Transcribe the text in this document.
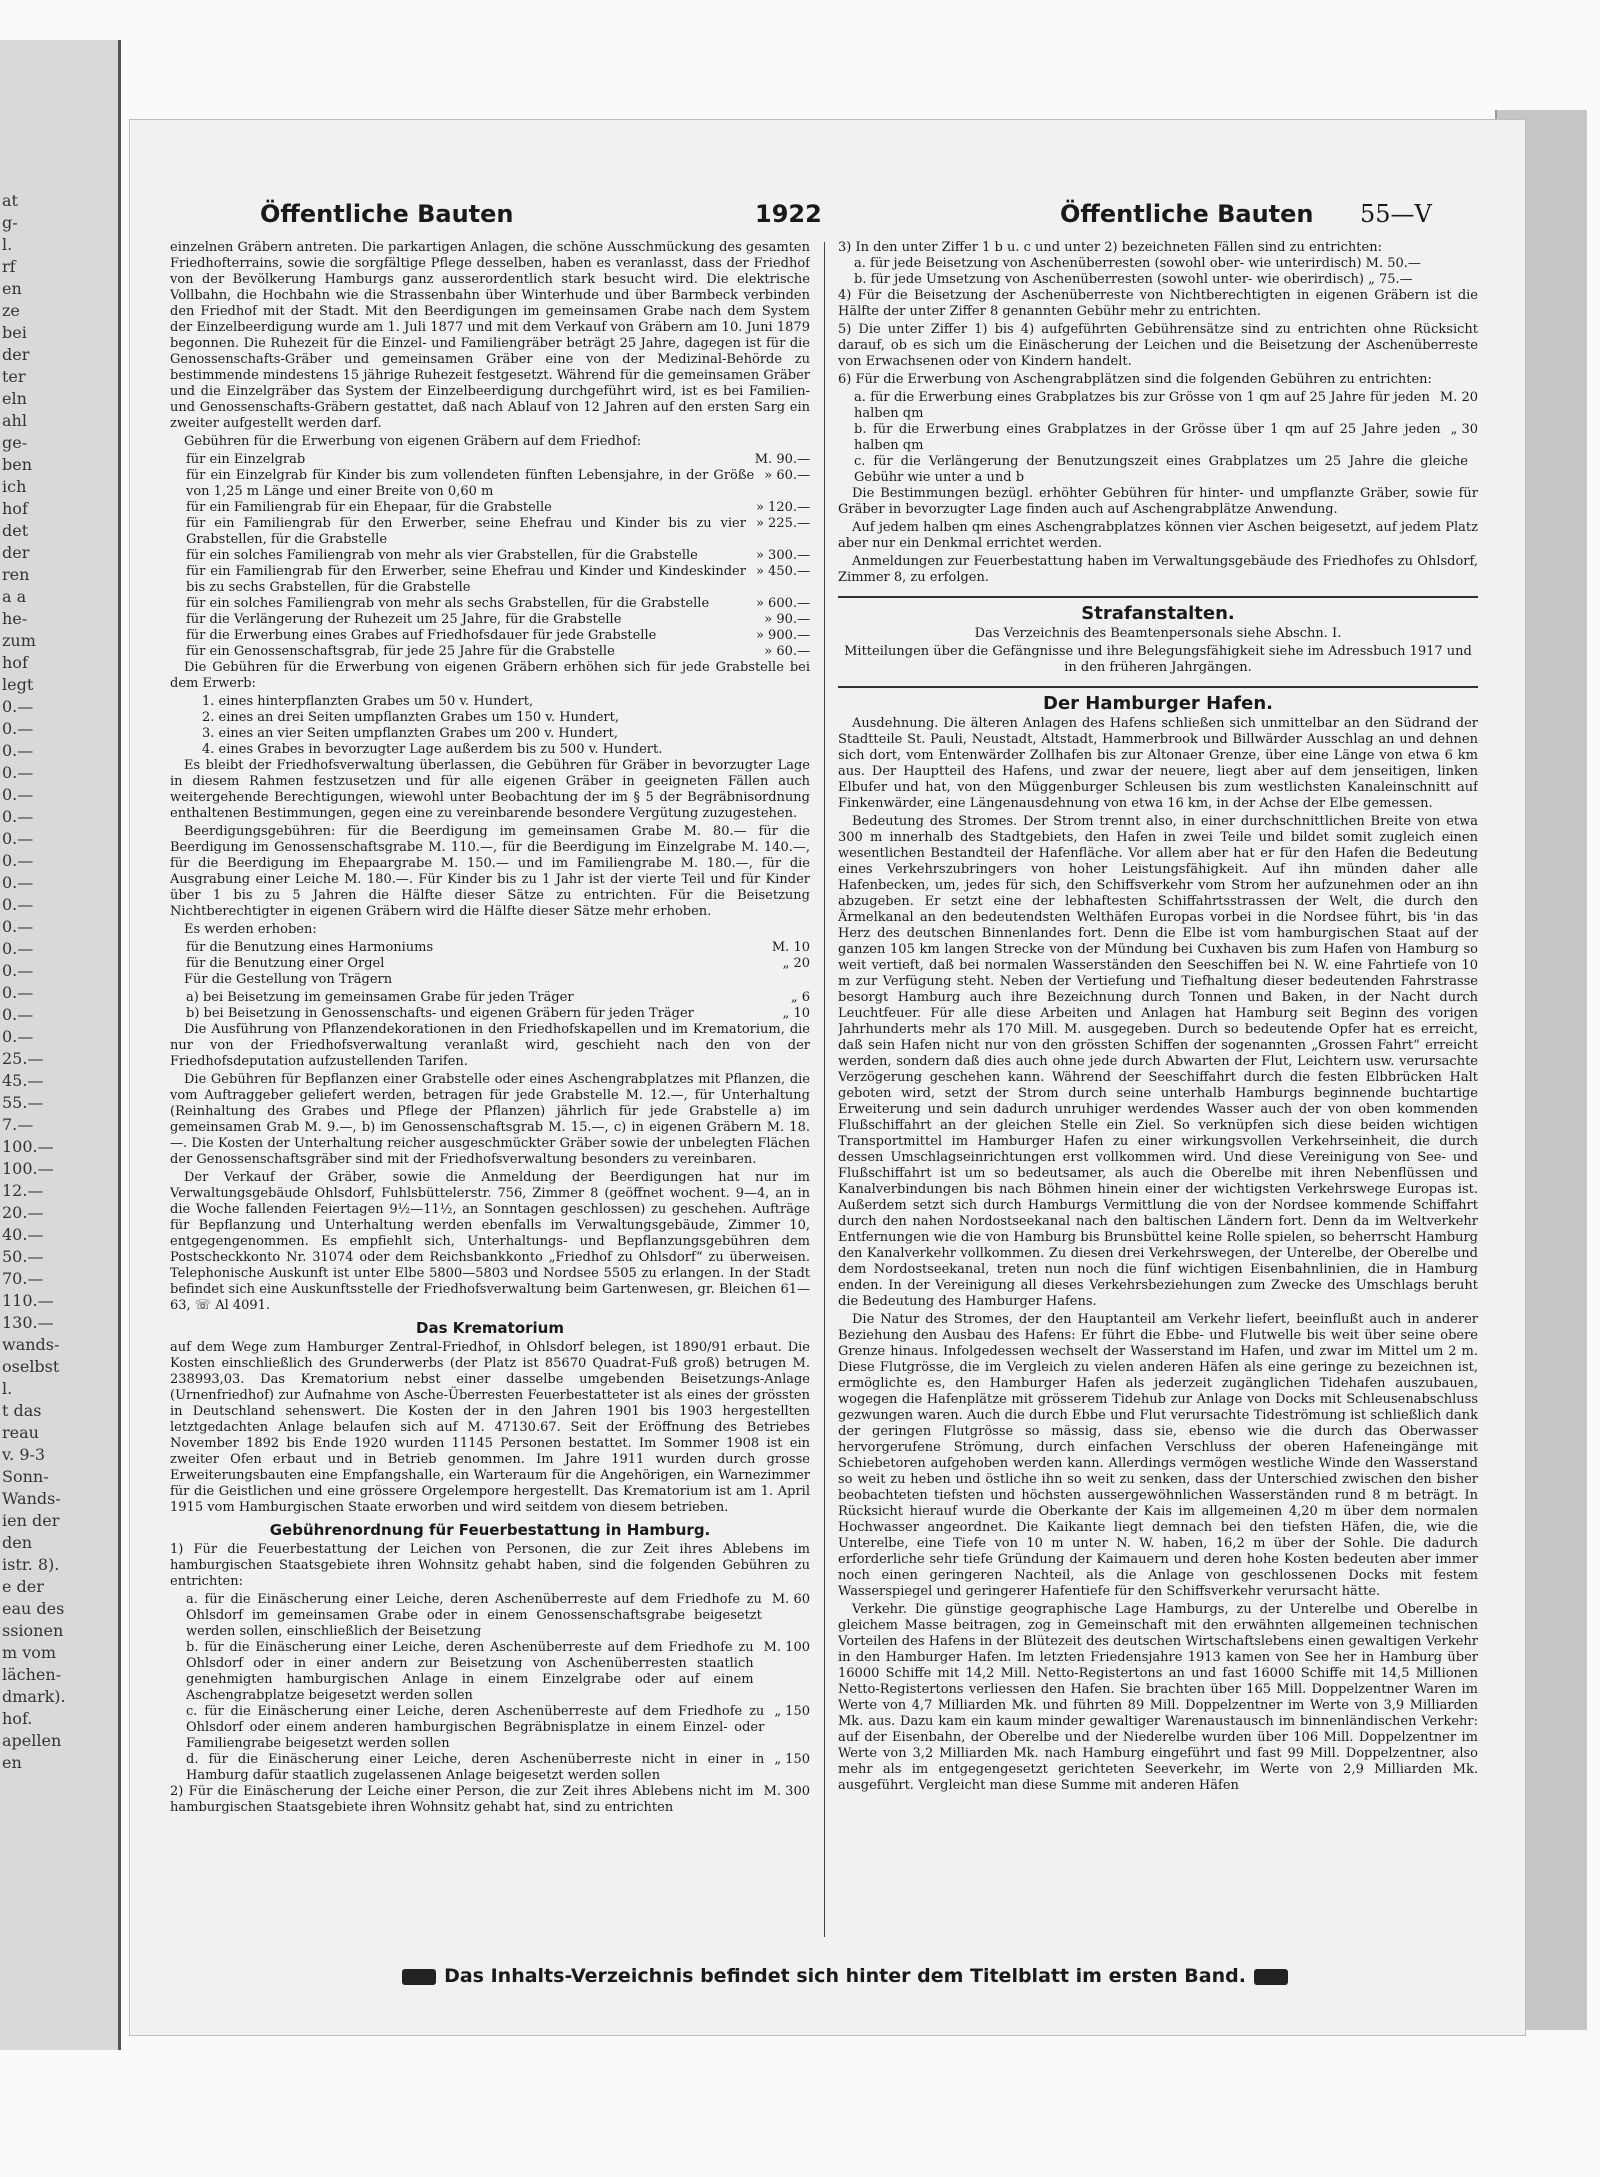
at
g-
l.
rf
en
ze
bei
der
ter
eln
ahl
ge-
ben
ich
hof
det
der
ren
a a
he-
zum
hof
legt
0.—
0.—
0.—
0.—
0.—
0.—
0.—
0.—
0.—
0.—
0.—
0.—
0.—
0.—
0.—
0.—
25.—
45.—
55.—
7.—
100.—
100.—
12.—
20.—
40.—
50.—
70.—
110.—
130.—
wands-
oselbst
l.
t das
reau
v. 9-3
Sonn-
Wands-
ien der
den
istr. 8).
e der
eau des
ssionen
m vom
lächen-
dmark).
hof.
apellen
en
Öffentliche Bauten	1922	Öffentliche Bauten 55—V

einzelnen Gräbern antreten. Die parkartigen Anlagen, die schöne Ausschmückung des gesamten Friedhofterrains, sowie die sorgfältige Pflege desselben, haben es veranlasst, dass der Friedhof von der Bevölkerung Hamburgs ganz ausserordentlich stark besucht wird. Die elektrische Vollbahn, die Hochbahn wie die Strassenbahn über Winterhude und über Barmbeck verbinden den Friedhof mit der Stadt. Mit den Beerdigungen im gemeinsamen Grabe nach dem System der Einzelbeerdigung wurde am 1. Juli 1877 und mit dem Verkauf von Gräbern am 10. Juni 1879 begonnen. Die Ruhezeit für die Einzel- und Familiengräber beträgt 25 Jahre, dagegen ist für die Genossenschafts-Gräber und gemeinsamen Gräber eine von der Medizinal-Behörde zu bestimmende mindestens 15 jährige Ruhezeit festgesetzt. Während für die gemeinsamen Gräber und die Einzelgräber das System der Einzelbeerdigung durchgeführt wird, ist es bei Familien- und Genossenschafts-Gräbern gestattet, daß nach Ablauf von 12 Jahren auf den ersten Sarg ein zweiter aufgestellt werden darf.

Gebühren für die Erwerbung von eigenen Gräbern auf dem Friedhof:

für ein Einzelgrab	M. 90.—
für ein Einzelgrab für Kinder bis zum vollendeten fünften Lebensjahre, in der Größe von 1,25 m Länge und einer Breite von 0,60 m
» 60.—
für ein Familiengrab für ein Ehepaar, für die Grabstelle	» 120.—
für ein Familiengrab für den Erwerber, seine Ehefrau und Kinder bis zu vier Grabstellen, für die Grabstelle
» 225.—
für ein solches Familiengrab von mehr als vier Grabstellen, für die Grabstelle	» 300.—
für ein Familiengrab für den Erwerber, seine Ehefrau und Kinder und Kindeskinder bis zu sechs Grabstellen, für die Grabstelle
» 450.—
für ein solches Familiengrab von mehr als sechs Grabstellen, für die Grabstelle	» 600.—
für die Verlängerung der Ruhezeit um 25 Jahre, für die Grabstelle	» 90.—
für die Erwerbung eines Grabes auf Friedhofsdauer für jede Grabstelle	» 900.—
für ein Genossenschaftsgrab, für jede 25 Jahre für die Grabstelle	» 60.—

Die Gebühren für die Erwerbung von eigenen Gräbern erhöhen sich für jede Grabstelle bei dem Erwerb:

1. eines hinterpflanzten Grabes um 50 v. Hundert,
2. eines an drei Seiten umpflanzten Grabes um 150 v. Hundert,
3. eines an vier Seiten umpflanzten Grabes um 200 v. Hundert,
4. eines Grabes in bevorzugter Lage außerdem bis zu 500 v. Hundert.

Es bleibt der Friedhofsverwaltung überlassen, die Gebühren für Gräber in bevorzugter Lage in diesem Rahmen festzusetzen und für alle eigenen Gräber in geeigneten Fällen auch weitergehende Berechtigungen, wiewohl unter Beobachtung der im § 5 der Begräbnisordnung enthaltenen Bestimmungen, gegen eine zu vereinbarende besondere Vergütung zuzugestehen.

Beerdigungsgebühren: für die Beerdigung im gemeinsamen Grabe M. 80.— für die Beerdigung im Genossenschaftsgrabe M. 110.—, für die Beerdigung im Einzelgrabe M. 140.—, für die Beerdigung im Ehepaargrabe M. 150.— und im Familiengrabe M. 180.—, für die Ausgrabung einer Leiche M. 180.—. Für Kinder bis zu 1 Jahr ist der vierte Teil und für Kinder über 1 bis zu 5 Jahren die Hälfte dieser Sätze zu entrichten. Für die Beisetzung Nichtberechtigter in eigenen Gräbern wird die Hälfte dieser Sätze mehr erhoben.

Es werden erhoben:

für die Benutzung eines Harmoniums	M. 10
für die Benutzung einer Orgel	„ 20

Für die Gestellung von Trägern

a) bei Beisetzung im gemeinsamen Grabe für jeden Träger	„ 6
b) bei Beisetzung in Genossenschafts- und eigenen Gräbern für jeden Träger	„ 10

Die Ausführung von Pflanzendekorationen in den Friedhofskapellen und im Krematorium, die nur von der Friedhofsverwaltung veranlaßt wird, geschieht nach den von der Friedhofsdeputation aufzustellenden Tarifen.

Die Gebühren für Bepflanzen einer Grabstelle oder eines Aschengrabplatzes mit Pflanzen, die vom Auftraggeber geliefert werden, betragen für jede Grabstelle M. 12.—, für Unterhaltung (Reinhaltung des Grabes und Pflege der Pflanzen) jährlich für jede Grabstelle a) im gemeinsamen Grab M. 9.—, b) im Genossenschaftsgrab M. 15.—, c) in eigenen Gräbern M. 18.—. Die Kosten der Unterhaltung reicher ausgeschmückter Gräber sowie der unbelegten Flächen der Genossenschaftsgräber sind mit der Friedhofsverwaltung besonders zu vereinbaren.

Der Verkauf der Gräber, sowie die Anmeldung der Beerdigungen hat nur im Verwaltungsgebäude Ohlsdorf, Fuhlsbüttelerstr. 756, Zimmer 8 (geöffnet wochent. 9—4, an in die Woche fallenden Feiertagen 9½—11½, an Sonntagen geschlossen) zu geschehen. Aufträge für Bepflanzung und Unterhaltung werden ebenfalls im Verwaltungsgebäude, Zimmer 10, entgegengenommen. Es empfiehlt sich, Unterhaltungs- und Bepflanzungsgebühren dem Postscheckkonto Nr. 31074 oder dem Reichsbankkonto „Friedhof zu Ohlsdorf“ zu überweisen. Telephonische Auskunft ist unter Elbe 5800—5803 und Nordsee 5505 zu erlangen. In der Stadt befindet sich eine Auskunftsstelle der Friedhofsverwaltung beim Gartenwesen, gr. Bleichen 61—63, ☏ Al 4091.

Das Krematorium

auf dem Wege zum Hamburger Zentral-Friedhof, in Ohlsdorf belegen, ist 1890/91 erbaut. Die Kosten einschließlich des Grunderwerbs (der Platz ist 85670 Quadrat-Fuß groß) betrugen M. 238993,03. Das Krematorium nebst einer dasselbe umgebenden Beisetzungs-Anlage (Urnenfriedhof) zur Aufnahme von Asche-Überresten Feuerbestatteter ist als eines der grössten in Deutschland sehenswert. Die Kosten der in den Jahren 1901 bis 1903 hergestellten letztgedachten Anlage belaufen sich auf M. 47130.67. Seit der Eröffnung des Betriebes November 1892 bis Ende 1920 wurden 11145 Personen bestattet. Im Sommer 1908 ist ein zweiter Ofen erbaut und in Betrieb genommen. Im Jahre 1911 wurden durch grosse Erweiterungsbauten eine Empfangshalle, ein Warteraum für die Angehörigen, ein Warnezimmer für die Geistlichen und eine grössere Orgelempore hergestellt. Das Krematorium ist am 1. April 1915 vom Hamburgischen Staate erworben und wird seitdem von diesem betrieben.

Gebührenordnung für Feuerbestattung in Hamburg.

1) Für die Feuerbestattung der Leichen von Personen, die zur Zeit ihres Ablebens im hamburgischen Staatsgebiete ihren Wohnsitz gehabt haben, sind die folgenden Gebühren zu entrichten:

a. für die Einäscherung einer Leiche, deren Aschenüberreste auf dem Friedhofe zu Ohlsdorf im gemeinsamen Grabe oder in einem Genossenschaftsgrabe beigesetzt werden sollen, einschließlich der Beisetzung
M. 60
b. für die Einäscherung einer Leiche, deren Aschenüberreste auf dem Friedhofe zu Ohlsdorf oder in einer andern zur Beisetzung von Aschenüberresten staatlich genehmigten hamburgischen Anlage in einem Einzelgrabe oder auf einem Aschengrabplatze beigesetzt werden sollen
M. 100
c. für die Einäscherung einer Leiche, deren Aschenüberreste auf dem Friedhofe zu Ohlsdorf oder einem anderen hamburgischen Begräbnisplatze in einem Einzel- oder Familiengrabe beigesetzt werden sollen
„ 150
d. für die Einäscherung einer Leiche, deren Aschenüberreste nicht in einer in Hamburg dafür staatlich zugelassenen Anlage beigesetzt werden sollen
„ 150
2) Für die Einäscherung der Leiche einer Person, die zur Zeit ihres Ablebens nicht im hamburgischen Staatsgebiete ihren Wohnsitz gehabt hat, sind zu entrichten
M. 300
3) In den unter Ziffer 1 b u. c und unter 2) bezeichneten Fällen sind zu entrichten:
a. für jede Beisetzung von Aschenüberresten (sowohl ober- wie unterirdisch) M. 50.—
b. für jede Umsetzung von Aschenüberresten (sowohl unter- wie oberirdisch) „ 75.—

4) Für die Beisetzung der Aschenüberreste von Nichtberechtigten in eigenen Gräbern ist die Hälfte der unter Ziffer 8 genannten Gebühr mehr zu entrichten.

5) Die unter Ziffer 1) bis 4) aufgeführten Gebührensätze sind zu entrichten ohne Rücksicht darauf, ob es sich um die Einäscherung der Leichen und die Beisetzung der Aschenüberreste von Erwachsenen oder von Kindern handelt.

6) Für die Erwerbung von Aschengrabplätzen sind die folgenden Gebühren zu entrichten:

a. für die Erwerbung eines Grabplatzes bis zur Grösse von 1 qm auf 25 Jahre für jeden halben qm
M. 20
b. für die Erwerbung eines Grabplatzes in der Grösse über 1 qm auf 25 Jahre jeden halben qm
„ 30
c. für die Verlängerung der Benutzungszeit eines Grabplatzes um 25 Jahre die gleiche Gebühr wie unter a und b

Die Bestimmungen bezügl. erhöhter Gebühren für hinter- und umpflanzte Gräber, sowie für Gräber in bevorzugter Lage finden auch auf Aschengrabplätze Anwendung.

Auf jedem halben qm eines Aschengrabplatzes können vier Aschen beigesetzt, auf jedem Platz aber nur ein Denkmal errichtet werden.

Anmeldungen zur Feuerbestattung haben im Verwaltungsgebäude des Friedhofes zu Ohlsdorf, Zimmer 8, zu erfolgen.

Strafanstalten.

Das Verzeichnis des Beamtenpersonals siehe Abschn. I.

Mitteilungen über die Gefängnisse und ihre Belegungsfähigkeit siehe im Adressbuch 1917 und in den früheren Jahrgängen.

Der Hamburger Hafen.

Ausdehnung. Die älteren Anlagen des Hafens schließen sich unmittelbar an den Südrand der Stadtteile St. Pauli, Neustadt, Altstadt, Hammerbrook und Billwärder Ausschlag an und dehnen sich dort, vom Entenwärder Zollhafen bis zur Altonaer Grenze, über eine Länge von etwa 6 km aus. Der Hauptteil des Hafens, und zwar der neuere, liegt aber auf dem jenseitigen, linken Elbufer und hat, von den Müggenburger Schleusen bis zum westlichsten Kanaleinschnitt auf Finkenwärder, eine Längenausdehnung von etwa 16 km, in der Achse der Elbe gemessen.

Bedeutung des Stromes. Der Strom trennt also, in einer durchschnittlichen Breite von etwa 300 m innerhalb des Stadtgebiets, den Hafen in zwei Teile und bildet somit zugleich einen wesentlichen Bestandteil der Hafenfläche. Vor allem aber hat er für den Hafen die Bedeutung eines Verkehrszubringers von hoher Leistungsfähigkeit. Auf ihn münden daher alle Hafenbecken, um, jedes für sich, den Schiffsverkehr vom Strom her aufzunehmen oder an ihn abzugeben. Er setzt eine der lebhaftesten Schiffahrtsstrassen der Welt, die durch den Ärmelkanal an den bedeutendsten Welthäfen Europas vorbei in die Nordsee führt, bis 'in das Herz des deutschen Binnenlandes fort. Denn die Elbe ist vom hamburgischen Staat auf der ganzen 105 km langen Strecke von der Mündung bei Cuxhaven bis zum Hafen von Hamburg so weit vertieft, daß bei normalen Wasserständen den Seeschiffen bei N. W. eine Fahrtiefe von 10 m zur Verfügung steht. Neben der Vertiefung und Tiefhaltung dieser bedeutenden Fahrstrasse besorgt Hamburg auch ihre Bezeichnung durch Tonnen und Baken, in der Nacht durch Leuchtfeuer. Für alle diese Arbeiten und Anlagen hat Hamburg seit Beginn des vorigen Jahrhunderts mehr als 170 Mill. M. ausgegeben. Durch so bedeutende Opfer hat es erreicht, daß sein Hafen nicht nur von den grössten Schiffen der sogenannten „Grossen Fahrt“ erreicht werden, sondern daß dies auch ohne jede durch Abwarten der Flut, Leichtern usw. verursachte Verzögerung geschehen kann. Während der Seeschiffahrt durch die festen Elbbrücken Halt geboten wird, setzt der Strom durch seine unterhalb Hamburgs beginnende buchtartige Erweiterung und sein dadurch unruhiger werdendes Wasser auch der von oben kommenden Flußschiffahrt an der gleichen Stelle ein Ziel. So verknüpfen sich diese beiden wichtigen Transportmittel im Hamburger Hafen zu einer wirkungsvollen Verkehrseinheit, die durch dessen Umschlagseinrichtungen erst vollkommen wird. Und diese Vereinigung von See- und Flußschiffahrt ist um so bedeutsamer, als auch die Oberelbe mit ihren Nebenflüssen und Kanalverbindungen bis nach Böhmen hinein einer der wichtigsten Verkehrswege Europas ist. Außerdem setzt sich durch Hamburgs Vermittlung die von der Nordsee kommende Schiffahrt durch den nahen Nordostseekanal nach den baltischen Ländern fort. Denn da im Weltverkehr Entfernungen wie die von Hamburg bis Brunsbüttel keine Rolle spielen, so beherrscht Hamburg den Kanalverkehr vollkommen. Zu diesen drei Verkehrswegen, der Unterelbe, der Oberelbe und dem Nordostseekanal, treten nun noch die fünf wichtigen Eisenbahnlinien, die in Hamburg enden. In der Vereinigung all dieses Verkehrsbeziehungen zum Zwecke des Umschlags beruht die Bedeutung des Hamburger Hafens.

Die Natur des Stromes, der den Hauptanteil am Verkehr liefert, beeinflußt auch in anderer Beziehung den Ausbau des Hafens: Er führt die Ebbe- und Flutwelle bis weit über seine obere Grenze hinaus. Infolgedessen wechselt der Wasserstand im Hafen, und zwar im Mittel um 2 m. Diese Flutgrösse, die im Vergleich zu vielen anderen Häfen als eine geringe zu bezeichnen ist, ermöglichte es, den Hamburger Hafen als jederzeit zugänglichen Tidehafen auszubauen, wogegen die Hafenplätze mit grösserem Tidehub zur Anlage von Docks mit Schleusenabschluss gezwungen waren. Auch die durch Ebbe und Flut verursachte Tideströmung ist schließlich dank der geringen Flutgrösse so mässig, dass sie, ebenso wie die durch das Oberwasser hervorgerufene Strömung, durch einfachen Verschluss der oberen Hafeneingänge mit Schiebetoren aufgehoben werden kann. Allerdings vermögen westliche Winde den Wasserstand so weit zu heben und östliche ihn so weit zu senken, dass der Unterschied zwischen den bisher beobachteten tiefsten und höchsten aussergewöhnlichen Wasserständen rund 8 m beträgt. In Rücksicht hierauf wurde die Oberkante der Kais im allgemeinen 4,20 m über dem normalen Hochwasser angeordnet. Die Kaikante liegt demnach bei den tiefsten Häfen, die, wie die Unterelbe, eine Tiefe von 10 m unter N. W. haben, 16,2 m über der Sohle. Die dadurch erforderliche sehr tiefe Gründung der Kaimauern und deren hohe Kosten bedeuten aber immer noch einen geringeren Nachteil, als die Anlage von geschlossenen Docks mit festem Wasserspiegel und geringerer Hafentiefe für den Schiffsverkehr verursacht hätte.

Verkehr. Die günstige geographische Lage Hamburgs, zu der Unterelbe und Oberelbe in gleichem Masse beitragen, zog in Gemeinschaft mit den erwähnten allgemeinen technischen Vorteilen des Hafens in der Blütezeit des deutschen Wirtschaftslebens einen gewaltigen Verkehr in den Hamburger Hafen. Im letzten Friedensjahre 1913 kamen von See her in Hamburg über 16000 Schiffe mit 14,2 Mill. Netto-Registertons an und fast 16000 Schiffe mit 14,5 Millionen Netto-Registertons verliessen den Hafen. Sie brachten über 165 Mill. Doppelzentner Waren im Werte von 4,7 Milliarden Mk. und führten 89 Mill. Doppelzentner im Werte von 3,9 Milliarden Mk. aus. Dazu kam ein kaum minder gewaltiger Warenaustausch im binnenländischen Verkehr: auf der Eisenbahn, der Oberelbe und der Niederelbe wurden über 106 Mill. Doppelzentner im Werte von 3,2 Milliarden Mk. nach Hamburg eingeführt und fast 99 Mill. Doppelzentner, also mehr als im entgegengesetzt gerichteten Seeverkehr, im Werte von 2,9 Milliarden Mk. ausgeführt. Vergleicht man diese Summe mit anderen Häfen

Das Inhalts-Verzeichnis befindet sich hinter dem Titelblatt im ersten Band.
